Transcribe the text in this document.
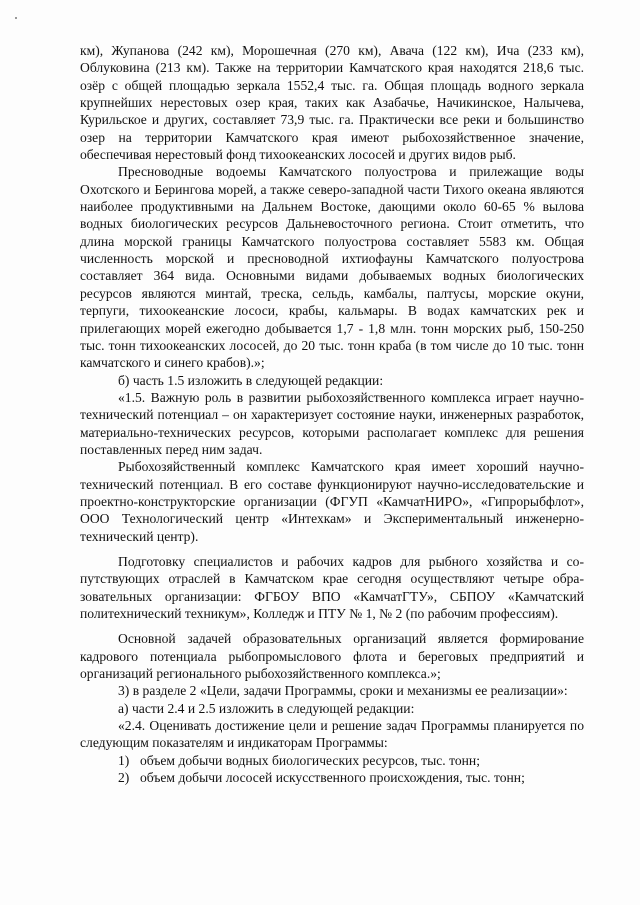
км), Жупанова (242 км), Морошечная (270 км), Авача (122 км), Ича (233 км), Облуковина (213 км). Также на территории Камчатского края находятся 218,6 тыс. озёр с общей площадью зеркала 1552,4 тыс. га. Общая площадь водного зеркала крупнейших нерестовых озер края, таких как Азабачье, Начикинское, Налычева, Курильское и других, составляет 73,9 тыс. га. Практически все реки и большинство озер на территории Камчатского края имеют рыбохозяйственное значение, обеспечивая нерестовый фонд тихоокеанских лососей и других видов рыб.

Пресноводные водоемы Камчатского полуострова и прилежащие воды Охотского и Берингова морей, а также северо-западной части Тихого океана являются наиболее продуктивными на Дальнем Востоке, дающими около 60-65 % вылова водных биологических ресурсов Дальневосточного региона. Стоит отметить, что длина морской границы Камчатского полуострова составляет 5583 км. Общая численность морской и пресноводной ихтиофауны Камчатского полуострова составляет 364 вида. Основными видами добываемых водных биологических ресурсов являются минтай, треска, сельдь, камбалы, палтусы, морские окуни, терпуги, тихоокеанские лососи, крабы, кальмары. В водах камчатских рек и прилегающих морей ежегодно добывается 1,7 - 1,8 млн. тонн морских рыб, 150-250 тыс. тонн тихоокеанских лососей, до 20 тыс. тонн краба (в том числе до 10 тыс. тонн камчатского и синего крабов).»;

б) часть 1.5 изложить в следующей редакции:

«1.5. Важную роль в развитии рыбохозяйственного комплекса играет научно-технический потенциал – он характеризует состояние науки, инженерных разработок, материально-технических ресурсов, которыми располагает комплекс для решения поставленных перед ним задач.

Рыбохозяйственный комплекс Камчатского края имеет хороший научно-технический потенциал. В его составе функционируют научно-исследовательские и проектно-конструкторские организации (ФГУП «КамчатНИРО», «Гипрорыбфлот», ООО Технологический центр «Интехкам» и Экспериментальный инженерно-технический центр).

Подготовку специалистов и рабочих кадров для рыбного хозяйства и сопутствующих отраслей в Камчатском крае сегодня осуществляют четыре образовательных организации: ФГБОУ ВПО «КамчатГТУ», СБПОУ «Камчатский политехнический техникум», Колледж и ПТУ № 1, № 2 (по рабочим профессиям).

Основной задачей образовательных организаций является формирование кадрового потенциала рыбопромыслового флота и береговых предприятий и организаций регионального рыбохозяйственного комплекса.»;

3) в разделе 2 «Цели, задачи Программы, сроки и механизмы ее реализации»:

а) части 2.4 и 2.5 изложить в следующей редакции:

«2.4. Оценивать достижение цели и решение задач Программы планируется по следующим показателям и индикаторам Программы:

1) объем добычи водных биологических ресурсов, тыс. тонн;

2) объем добычи лососей искусственного происхождения, тыс. тонн;
